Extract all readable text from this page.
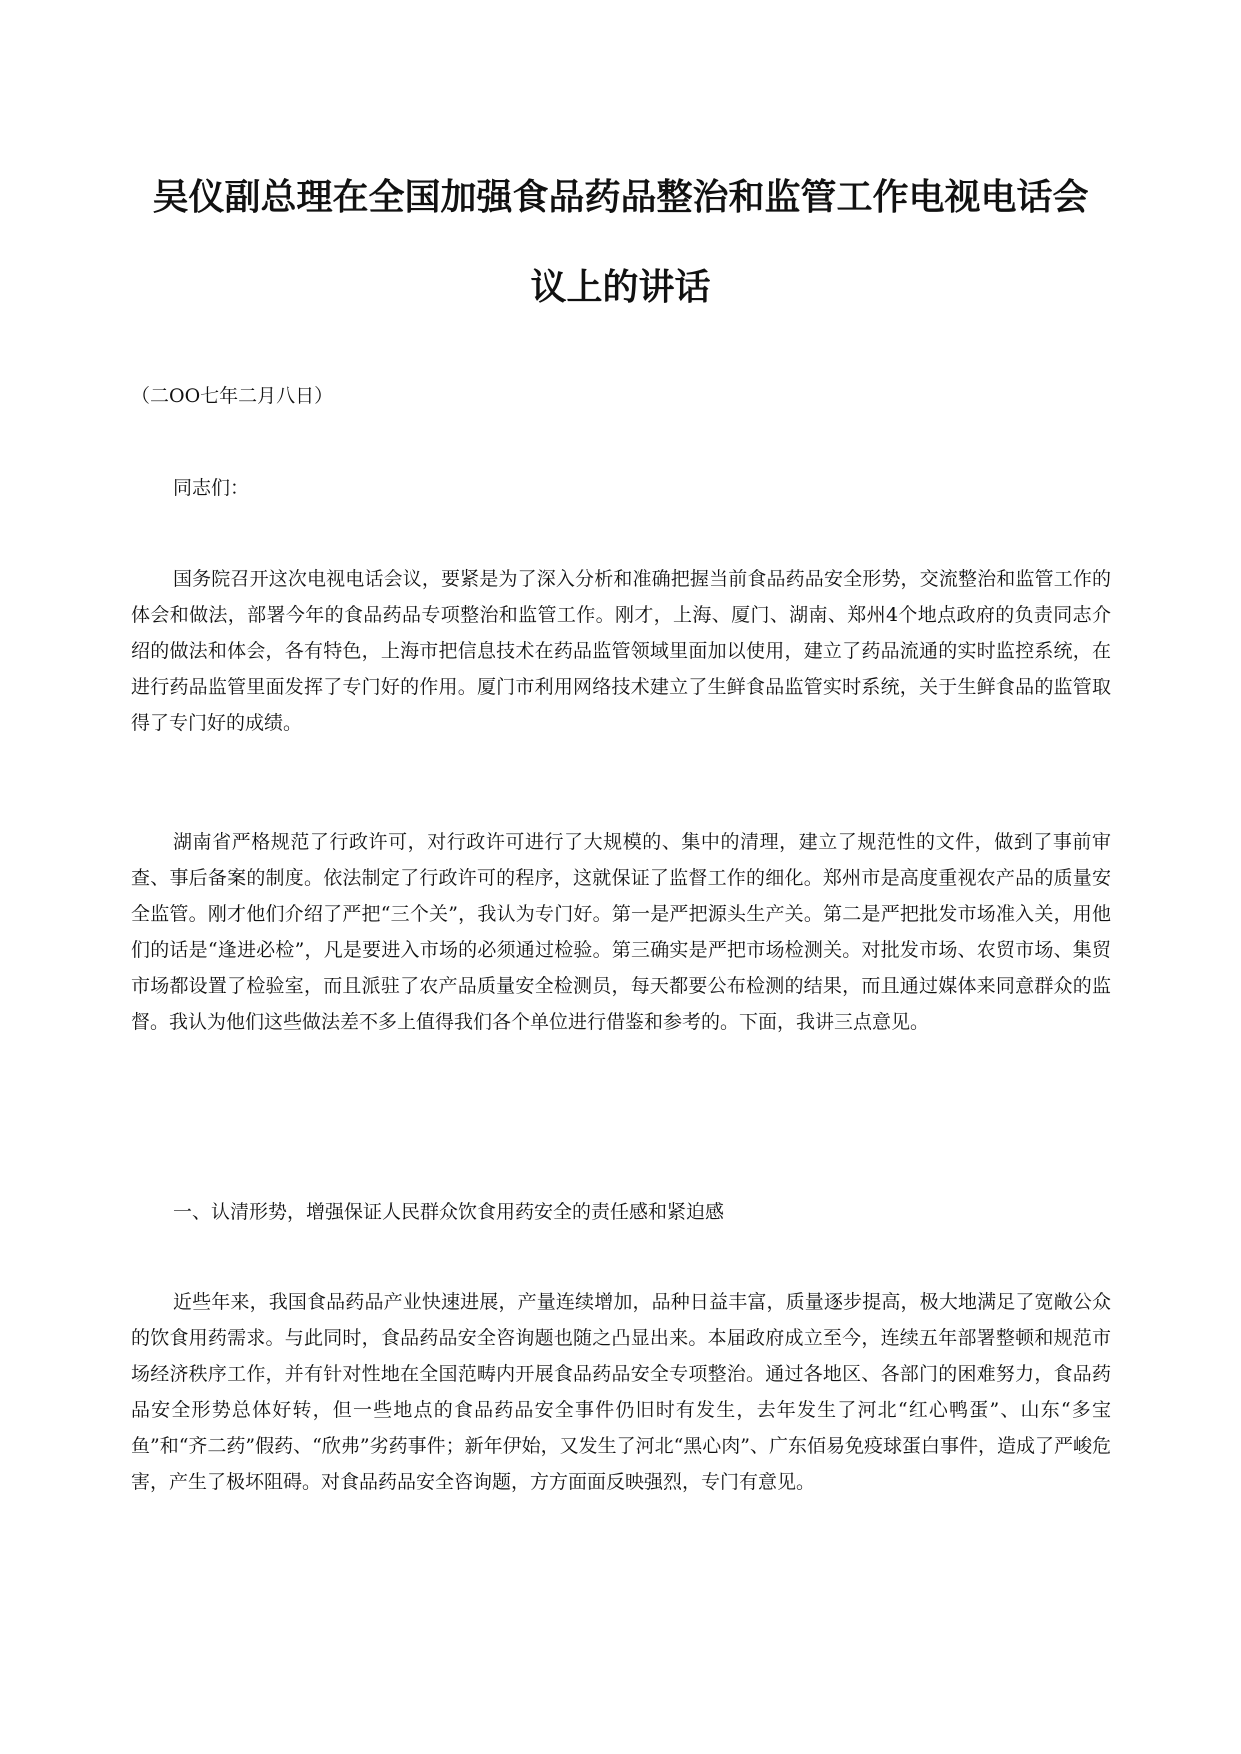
吴仪副总理在全国加强食品药品整治和监管工作电视电话会
议上的讲话

（二OO七年二月八日）

同志们：

国务院召开这次电视电话会议，要紧是为了深入分析和准确把握当前食品药品安全形势，交流整治和监管工作的体会和做法，部署今年的食品药品专项整治和监管工作。刚才，上海、厦门、湖南、郑州4个地点政府的负责同志介绍的做法和体会，各有特色，上海市把信息技术在药品监管领域里面加以使用，建立了药品流通的实时监控系统，在进行药品监管里面发挥了专门好的作用。厦门市利用网络技术建立了生鲜食品监管实时系统，关于生鲜食品的监管取得了专门好的成绩。

湖南省严格规范了行政许可，对行政许可进行了大规模的、集中的清理，建立了规范性的文件，做到了事前审查、事后备案的制度。依法制定了行政许可的程序，这就保证了监督工作的细化。郑州市是高度重视农产品的质量安全监管。刚才他们介绍了严把“三个关”，我认为专门好。第一是严把源头生产关。第二是严把批发市场准入关，用他们的话是“逢进必检”，凡是要进入市场的必须通过检验。第三确实是严把市场检测关。对批发市场、农贸市场、集贸市场都设置了检验室，而且派驻了农产品质量安全检测员，每天都要公布检测的结果，而且通过媒体来同意群众的监督。我认为他们这些做法差不多上值得我们各个单位进行借鉴和参考的。下面，我讲三点意见。

一、认清形势，增强保证人民群众饮食用药安全的责任感和紧迫感

近些年来，我国食品药品产业快速进展，产量连续增加，品种日益丰富，质量逐步提高，极大地满足了宽敞公众的饮食用药需求。与此同时，食品药品安全咨询题也随之凸显出来。本届政府成立至今，连续五年部署整顿和规范市场经济秩序工作，并有针对性地在全国范畴内开展食品药品安全专项整治。通过各地区、各部门的困难努力，食品药品安全形势总体好转，但一些地点的食品药品安全事件仍旧时有发生，去年发生了河北“红心鸭蛋”、山东“多宝鱼”和“齐二药”假药、“欣弗”劣药事件；新年伊始，又发生了河北“黑心肉”、广东佰易免疫球蛋白事件，造成了严峻危害，产生了极坏阻碍。对食品药品安全咨询题，方方面面反映强烈，专门有意见。
